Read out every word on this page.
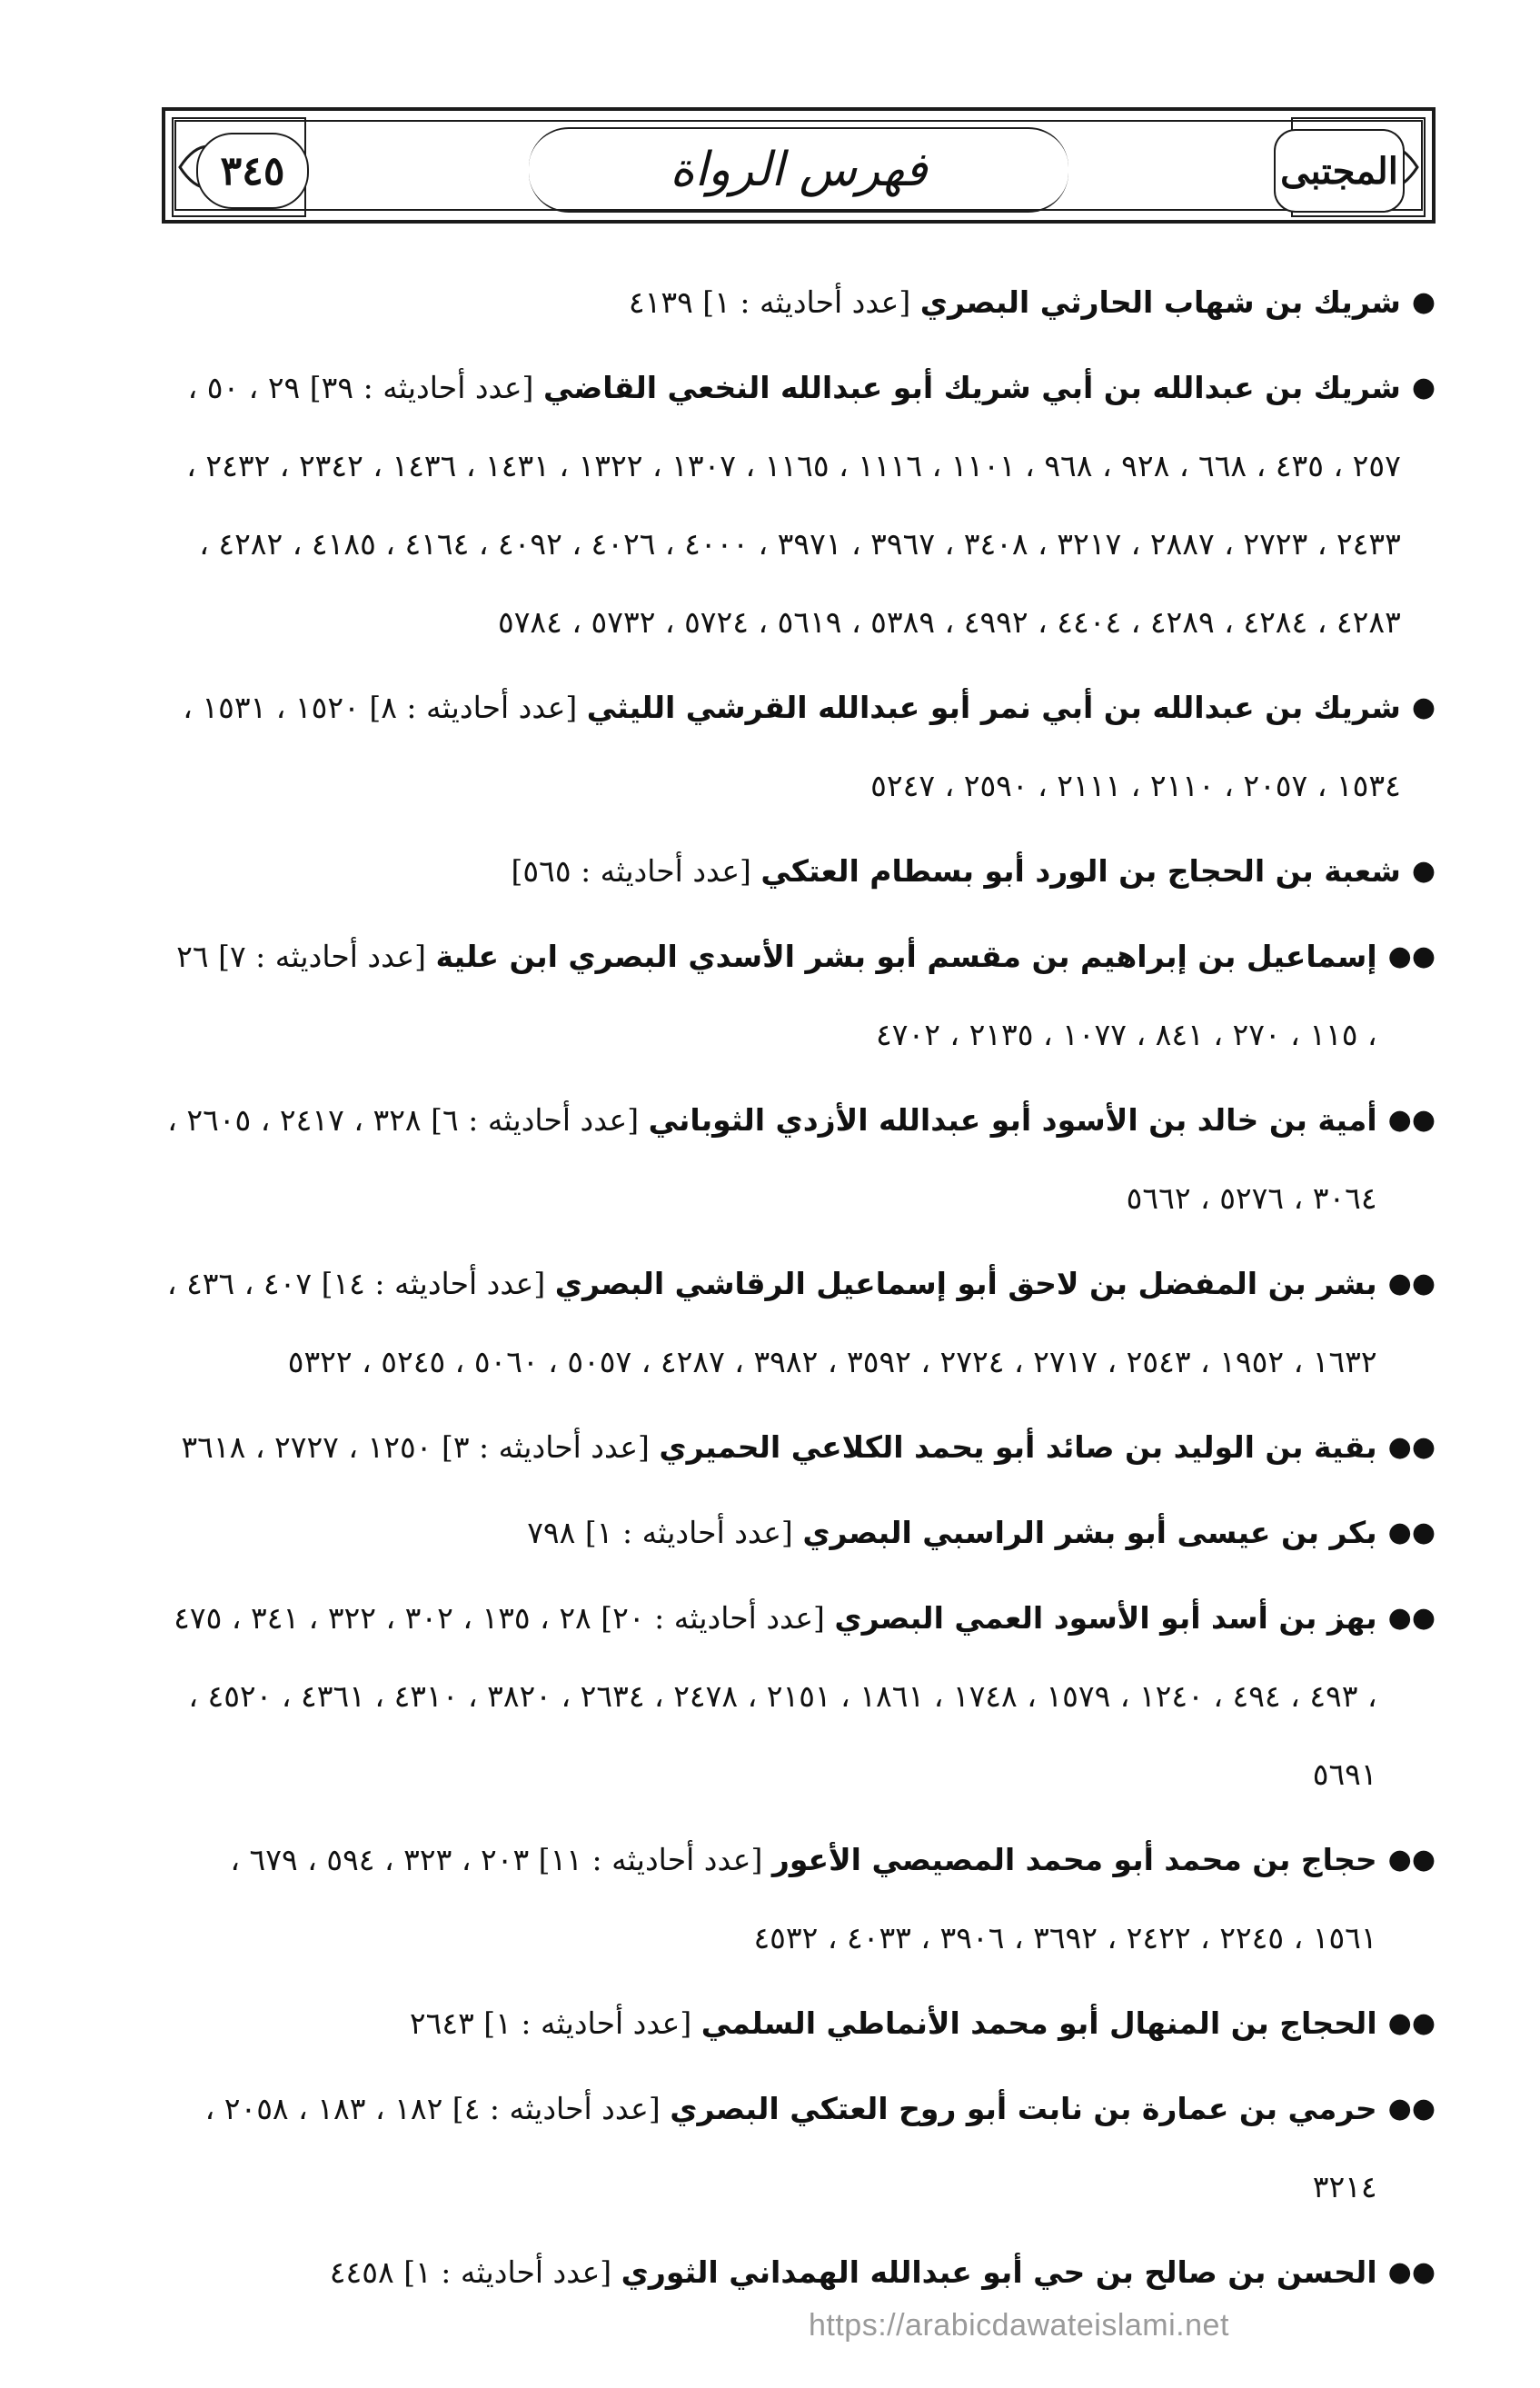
٣٤٥	فهرس الرواة	المجتبى
●
شريك بن شهاب الحارثي البصري [عدد أحاديثه : ١] ٤١٣٩
●
شريك بن عبدالله بن أبي شريك أبو عبدالله النخعي القاضي [عدد أحاديثه : ٣٩] ٢٩ ، ٥٠ ، ٢٥٧ ، ٤٣٥ ، ٦٦٨ ، ٩٢٨ ، ٩٦٨ ، ١١٠١ ، ١١١٦ ، ١١٦٥ ، ١٣٠٧ ، ١٣٢٢ ، ١٤٣١ ، ١٤٣٦ ، ٢٣٤٢ ، ٢٤٣٢ ، ٢٤٣٣ ، ٢٧٢٣ ، ٢٨٨٧ ، ٣٢١٧ ، ٣٤٠٨ ، ٣٩٦٧ ، ٣٩٧١ ، ٤٠٠٠ ، ٤٠٢٦ ، ٤٠٩٢ ، ٤١٦٤ ، ٤١٨٥ ، ٤٢٨٢ ، ٤٢٨٣ ، ٤٢٨٤ ، ٤٢٨٩ ، ٤٤٠٤ ، ٤٩٩٢ ، ٥٣٨٩ ، ٥٦١٩ ، ٥٧٢٤ ، ٥٧٣٢ ، ٥٧٨٤
●
شريك بن عبدالله بن أبي نمر أبو عبدالله القرشي الليثي [عدد أحاديثه : ٨] ١٥٢٠ ، ١٥٣١ ، ١٥٣٤ ، ٢٠٥٧ ، ٢١١٠ ، ٢١١١ ، ٢٥٩٠ ، ٥٢٤٧
●
شعبة بن الحجاج بن الورد أبو بسطام العتكي [عدد أحاديثه : ٥٦٥]
●●
إسماعيل بن إبراهيم بن مقسم أبو بشر الأسدي البصري ابن علية [عدد أحاديثه : ٧] ٢٦ ، ١١٥ ، ٢٧٠ ، ٨٤١ ، ١٠٧٧ ، ٢١٣٥ ، ٤٧٠٢
●●
أمية بن خالد بن الأسود أبو عبدالله الأزدي الثوباني [عدد أحاديثه : ٦] ٣٢٨ ، ٢٤١٧ ، ٢٦٠٥ ، ٣٠٦٤ ، ٥٢٧٦ ، ٥٦٦٢
●●
بشر بن المفضل بن لاحق أبو إسماعيل الرقاشي البصري [عدد أحاديثه : ١٤] ٤٠٧ ، ٤٣٦ ، ١٦٣٢ ، ١٩٥٢ ، ٢٥٤٣ ، ٢٧١٧ ، ٢٧٢٤ ، ٣٥٩٢ ، ٣٩٨٢ ، ٤٢٨٧ ، ٥٠٥٧ ، ٥٠٦٠ ، ٥٢٤٥ ، ٥٣٢٢
●●
بقية بن الوليد بن صائد أبو يحمد الكلاعي الحميري [عدد أحاديثه : ٣] ١٢٥٠ ، ٢٧٢٧ ، ٣٦١٨
●●
بكر بن عيسى أبو بشر الراسبي البصري [عدد أحاديثه : ١] ٧٩٨
●●
بهز بن أسد أبو الأسود العمي البصري [عدد أحاديثه : ٢٠] ٢٨ ، ١٣٥ ، ٣٠٢ ، ٣٢٢ ، ٣٤١ ، ٤٧٥ ، ٤٩٣ ، ٤٩٤ ، ١٢٤٠ ، ١٥٧٩ ، ١٧٤٨ ، ١٨٦١ ، ٢١٥١ ، ٢٤٧٨ ، ٢٦٣٤ ، ٣٨٢٠ ، ٤٣١٠ ، ٤٣٦١ ، ٤٥٢٠ ، ٥٦٩١
●●
حجاج بن محمد أبو محمد المصيصي الأعور [عدد أحاديثه : ١١] ٢٠٣ ، ٣٢٣ ، ٥٩٤ ، ٦٧٩ ، ١٥٦١ ، ٢٢٤٥ ، ٢٤٢٢ ، ٣٦٩٢ ، ٣٩٠٦ ، ٤٠٣٣ ، ٤٥٣٢
●●
الحجاج بن المنهال أبو محمد الأنماطي السلمي [عدد أحاديثه : ١] ٢٦٤٣
●●
حرمي بن عمارة بن نابت أبو روح العتكي البصري [عدد أحاديثه : ٤] ١٨٢ ، ١٨٣ ، ٢٠٥٨ ، ٣٢١٤
●●
الحسن بن صالح بن حي أبو عبدالله الهمداني الثوري [عدد أحاديثه : ١] ٤٤٥٨
https://arabicdawateislami.net
